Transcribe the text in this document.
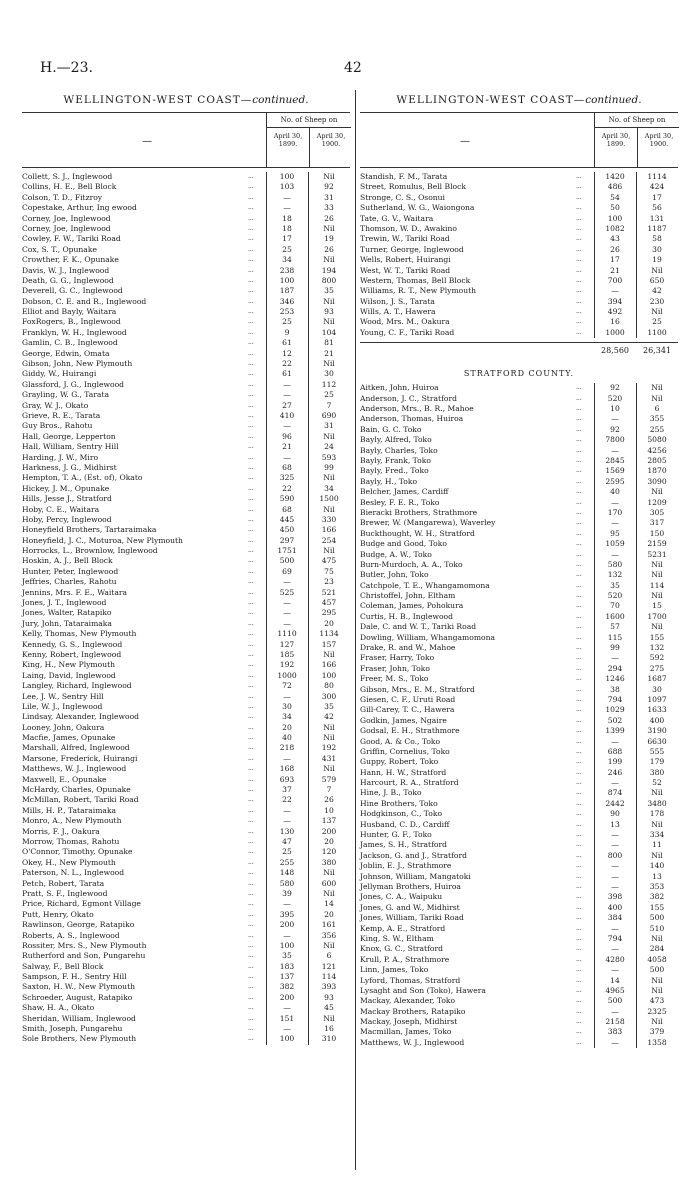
H.—23.	42
WELLINGTON-WEST COAST—continued.
—
No. of Sheep on
April 30, 1899.
April 30, 1900.
Collett, S. J., Inglewood	...	100	Nil
Collins, H. E., Bell Block	...	103	92
Colson, T. D., Fitzroy	...	—	31
Copestake, Arthur, Ing ewood	...	—	33
Corney, Joe, Inglewood	...	18	26
Corney, Joe, Inglewood	...	18	Nil
Cowley, F. W., Tariki Road	...	17	19
Cox, S. T., Opunake	...	25	26
Crowther, F. K., Opunake	...	34	Nil
Davis, W. J., Inglewood	...	238	194
Death, G. G., Inglewood	...	100	800
Deverell, G. C., Inglewood	...	187	35
Dobson, C. E. and R., Inglewood	...	346	Nil
Elliot and Bayly, Waitara	...	253	93
FoxRogers, B., Inglewood	...	25	Nil
Franklyn, W. H., Inglewood	...	9	104
Gamlin, C. B., Inglewood	...	61	81
George, Edwin, Omata	...	12	21
Gibson, John, New Plymouth	...	22	Nil
Giddy, W., Huirangi	...	61	30
Glassford, J. G., Inglewood	...	—	112
Grayling, W. G., Tarata	...	—	25
Gray, W. J., Okato	...	27	7
Grieve, R. E., Tarata	...	410	690
Guy Bros., Rahotu	...	—	31
Hall, George, Lepperton	...	96	Nil
Hall, William, Sentry Hill	...	21	24
Harding, J. W., Miro	...	—	593
Harkness, J. G., Midhirst	...	68	99
Hempton, T. A., (Est. of), Okato	...	325	Nil
Hickey, J. M., Opunake	...	22	34
Hills, Jesse J., Stratford	...	590	1500
Hoby, C. E., Waitara	...	68	Nil
Hoby, Percy, Inglewood	...	445	330
Honeyfield Brothers, Tartaraimaka	...	450	166
Honeyfield, J. C., Moturoa, New Plymouth	...	297	254
Horrocks, L., Brownlow, Inglewood	...	1751	Nil
Hoskin, A. J., Bell Block	...	500	475
Hunter, Peter, Inglewood	...	69	75
Jeffries, Charles, Rahotu	...	—	23
Jennins, Mrs. F. E., Waitara	...	525	521
Jones, J. T., Inglewood	...	—	457
Jones, Walter, Ratapiko	...	—	295
Jury, John, Tataraimaka	...	—	20
Kelly, Thomas, New Plymouth	...	1110	1134
Kennedy, G. S., Inglewood	...	127	157
Kenny, Robert, Inglewood	...	185	Nil
King, H., New Plymouth	...	192	166
Laing, David, Inglewood	...	1000	100
Langley, Richard, Inglewood	...	72	80
Lee, J. W., Sentry Hill	...	—	300
Lile, W. J., Inglewood	...	30	35
Lindsay, Alexander, Inglewood	...	34	42
Looney, John, Oakura	...	20	Nil
Macfie, James, Opunake	...	40	Nil
Marshall, Alfred, Inglewood	...	218	192
Marsone, Frederick, Huirangi	...	—	431
Matthews, W. J., Inglewood	...	168	Nil
Maxwell, E., Opunake	...	693	579
McHardy, Charles, Opunake	...	37	7
McMillan, Robert, Tariki Road	...	22	26
Mills, H. P., Tataraimaka	...	—	10
Monro, A., New Plymouth	...	—	137
Morris, F. J., Oakura	...	130	200
Morrow, Thomas, Rahotu	...	47	20
O'Connor, Timothy, Opunake	...	25	120
Okey, H., New Plymouth	...	255	380
Paterson, N. L., Inglewood	...	148	Nil
Petch, Robert, Tarata	...	580	600
Pratt, S. F., Inglewood	...	39	Nil
Price, Richard, Egmont Village	...	—	14
Putt, Henry, Okato	...	395	20
Rawlinson, George, Ratapiko	...	200	161
Roberts, A. S., Inglewood	...	—	356
Rossiter, Mrs. S., New Plymouth	...	100	Nil
Rutherford and Son, Pungarehu	...	35	6
Salway, F., Bell Block	...	183	121
Sampson, F. H., Sentry Hill	...	137	114
Saxton, H. W., New Plymouth	...	382	393
Schroeder, August, Ratapiko	...	200	93
Shaw, H. A., Okato	...	—	45
Sheridan, William, Inglewood	...	151	Nil
Smith, Joseph, Pungarehu	...	—	16
Sole Brothers, New Plymouth	...	100	310
WELLINGTON-WEST COAST—continued.
—
No. of Sheep on
April 30, 1899.
April 30, 1900.
Standish, F. M., Tarata	...	1420	1114
Street, Romulus, Bell Block	...	486	424
Stronge, C. S., Osonui	...	54	17
Sutherland, W. G., Waiongona	...	50	56
Tate, G. V., Waitara	...	100	131
Thomson, W. D., Awakino	...	1082	1187
Trewin, W., Tariki Road	...	43	58
Turner, George, Inglewood	...	26	30
Wells, Robert, Huirangi	...	17	19
West, W. T., Tariki Road	...	21	Nil
Western, Thomas, Bell Block	...	700	650
Williams, R. T., New Plymouth	...	—	42
Wilson, J. S., Tarata	...	394	230
Wills, A. T., Hawera	...	492	Nil
Wood, Mrs. M., Oakura	...	16	25
Young, C. F., Tariki Road	...	1000	1100
28,560	26,341
STRATFORD COUNTY.
Aitken, John, Huiroa	...	92	Nil
Anderson, J. C., Stratford	...	520	Nil
Anderson, Mrs., B. R., Mahoe	...	10	6
Anderson, Thomas, Huiroa	...	—	355
Bain, G. C. Toko	...	92	255
Bayly, Alfred, Toko	...	7800	5080
Bayly, Charles, Toko	...	—	4256
Bayly, Frank, Toko	...	2845	2805
Bayly, Fred., Toko	...	1569	1870
Bayly, H., Toko	...	2595	3090
Belcher, James, Cardiff	...	40	Nil
Besley, F. E. R., Toko	...	—	1209
Bieracki Brothers, Strathmore	...	170	305
Brewer, W. (Mangarewa), Waverley	...	—	317
Buckthought, W. H., Stratford	...	95	150
Budge and Good, Toko	...	1059	2159
Budge, A. W., Toko	...	—	5231
Burn-Murdoch, A. A., Toko	...	580	Nil
Butler, John, Toko	...	132	Nil
Catchpole, T. E., Whangamomona	...	35	114
Christoffel, John, Eltham	...	520	Nil
Coleman, James, Pohokura	...	70	15
Curtis, H. B., Inglewood	...	1600	1700
Dale, C. and W. T., Tariki Road	...	57	Nil
Dowling, William, Whangamomona	...	115	155
Drake, R. and W., Mahoe	...	99	132
Fraser, Harry, Toko	...	—	592
Fraser, John, Toko	...	294	275
Freer, M. S., Toko	...	1246	1687
Gibson, Mrs., E. M., Stratford	...	38	30
Giesen, C. F., Uruti Road	...	794	1097
Gill-Carey, T. C., Hawera	...	1029	1633
Godkin, James, Ngaire	...	502	400
Godsal, E. H., Strathmore	...	1399	3190
Good, A. & Co., Toko	...	—	6630
Griffin, Cornelius, Toko	...	688	555
Guppy, Robert, Toko	...	199	179
Hann, H. W., Stratford	...	246	380
Harcourt, R. A., Stratford	...	—	52
Hine, J. B., Toko	...	874	Nil
Hine Brothers, Toko	...	2442	3480
Hodgkinson, C., Toko	...	90	178
Husband, C. D., Cardiff	...	13	Nil
Hunter, G. F., Toko	...	—	334
James, S. H., Stratford	...	—	11
Jackson, G. and J., Stratford	...	800	Nil
Joblin, E. J., Strathmore	...	—	140
Johnson, William, Mangatoki	...	—	13
Jellyman Brothers, Huiroa	...	—	353
Jones, C. A., Waipuku	...	398	382
Jones, G. and W., Midhirst	...	400	155
Jones, William, Tariki Road	...	384	500
Kemp, A. E., Stratford	...	—	510
King, S. W., Eltham	...	794	Nil
Knox, G. C., Stratford	...	—	284
Krull, P. A., Strathmore	...	4280	4058
Linn, James, Toko	...	—	500
Lyford, Thomas, Stratford	...	14	Nil
Lysaght and Son (Toko), Hawera	...	4965	Nil
Mackay, Alexander, Toko	...	500	473
Mackay Brothers, Ratapiko	...	—	2325
Mackay, Joseph, Midhirst	...	2158	Nil
Macmillan, James, Toko	...	383	379
Matthews, W. J., Inglewood	...	—	1358
